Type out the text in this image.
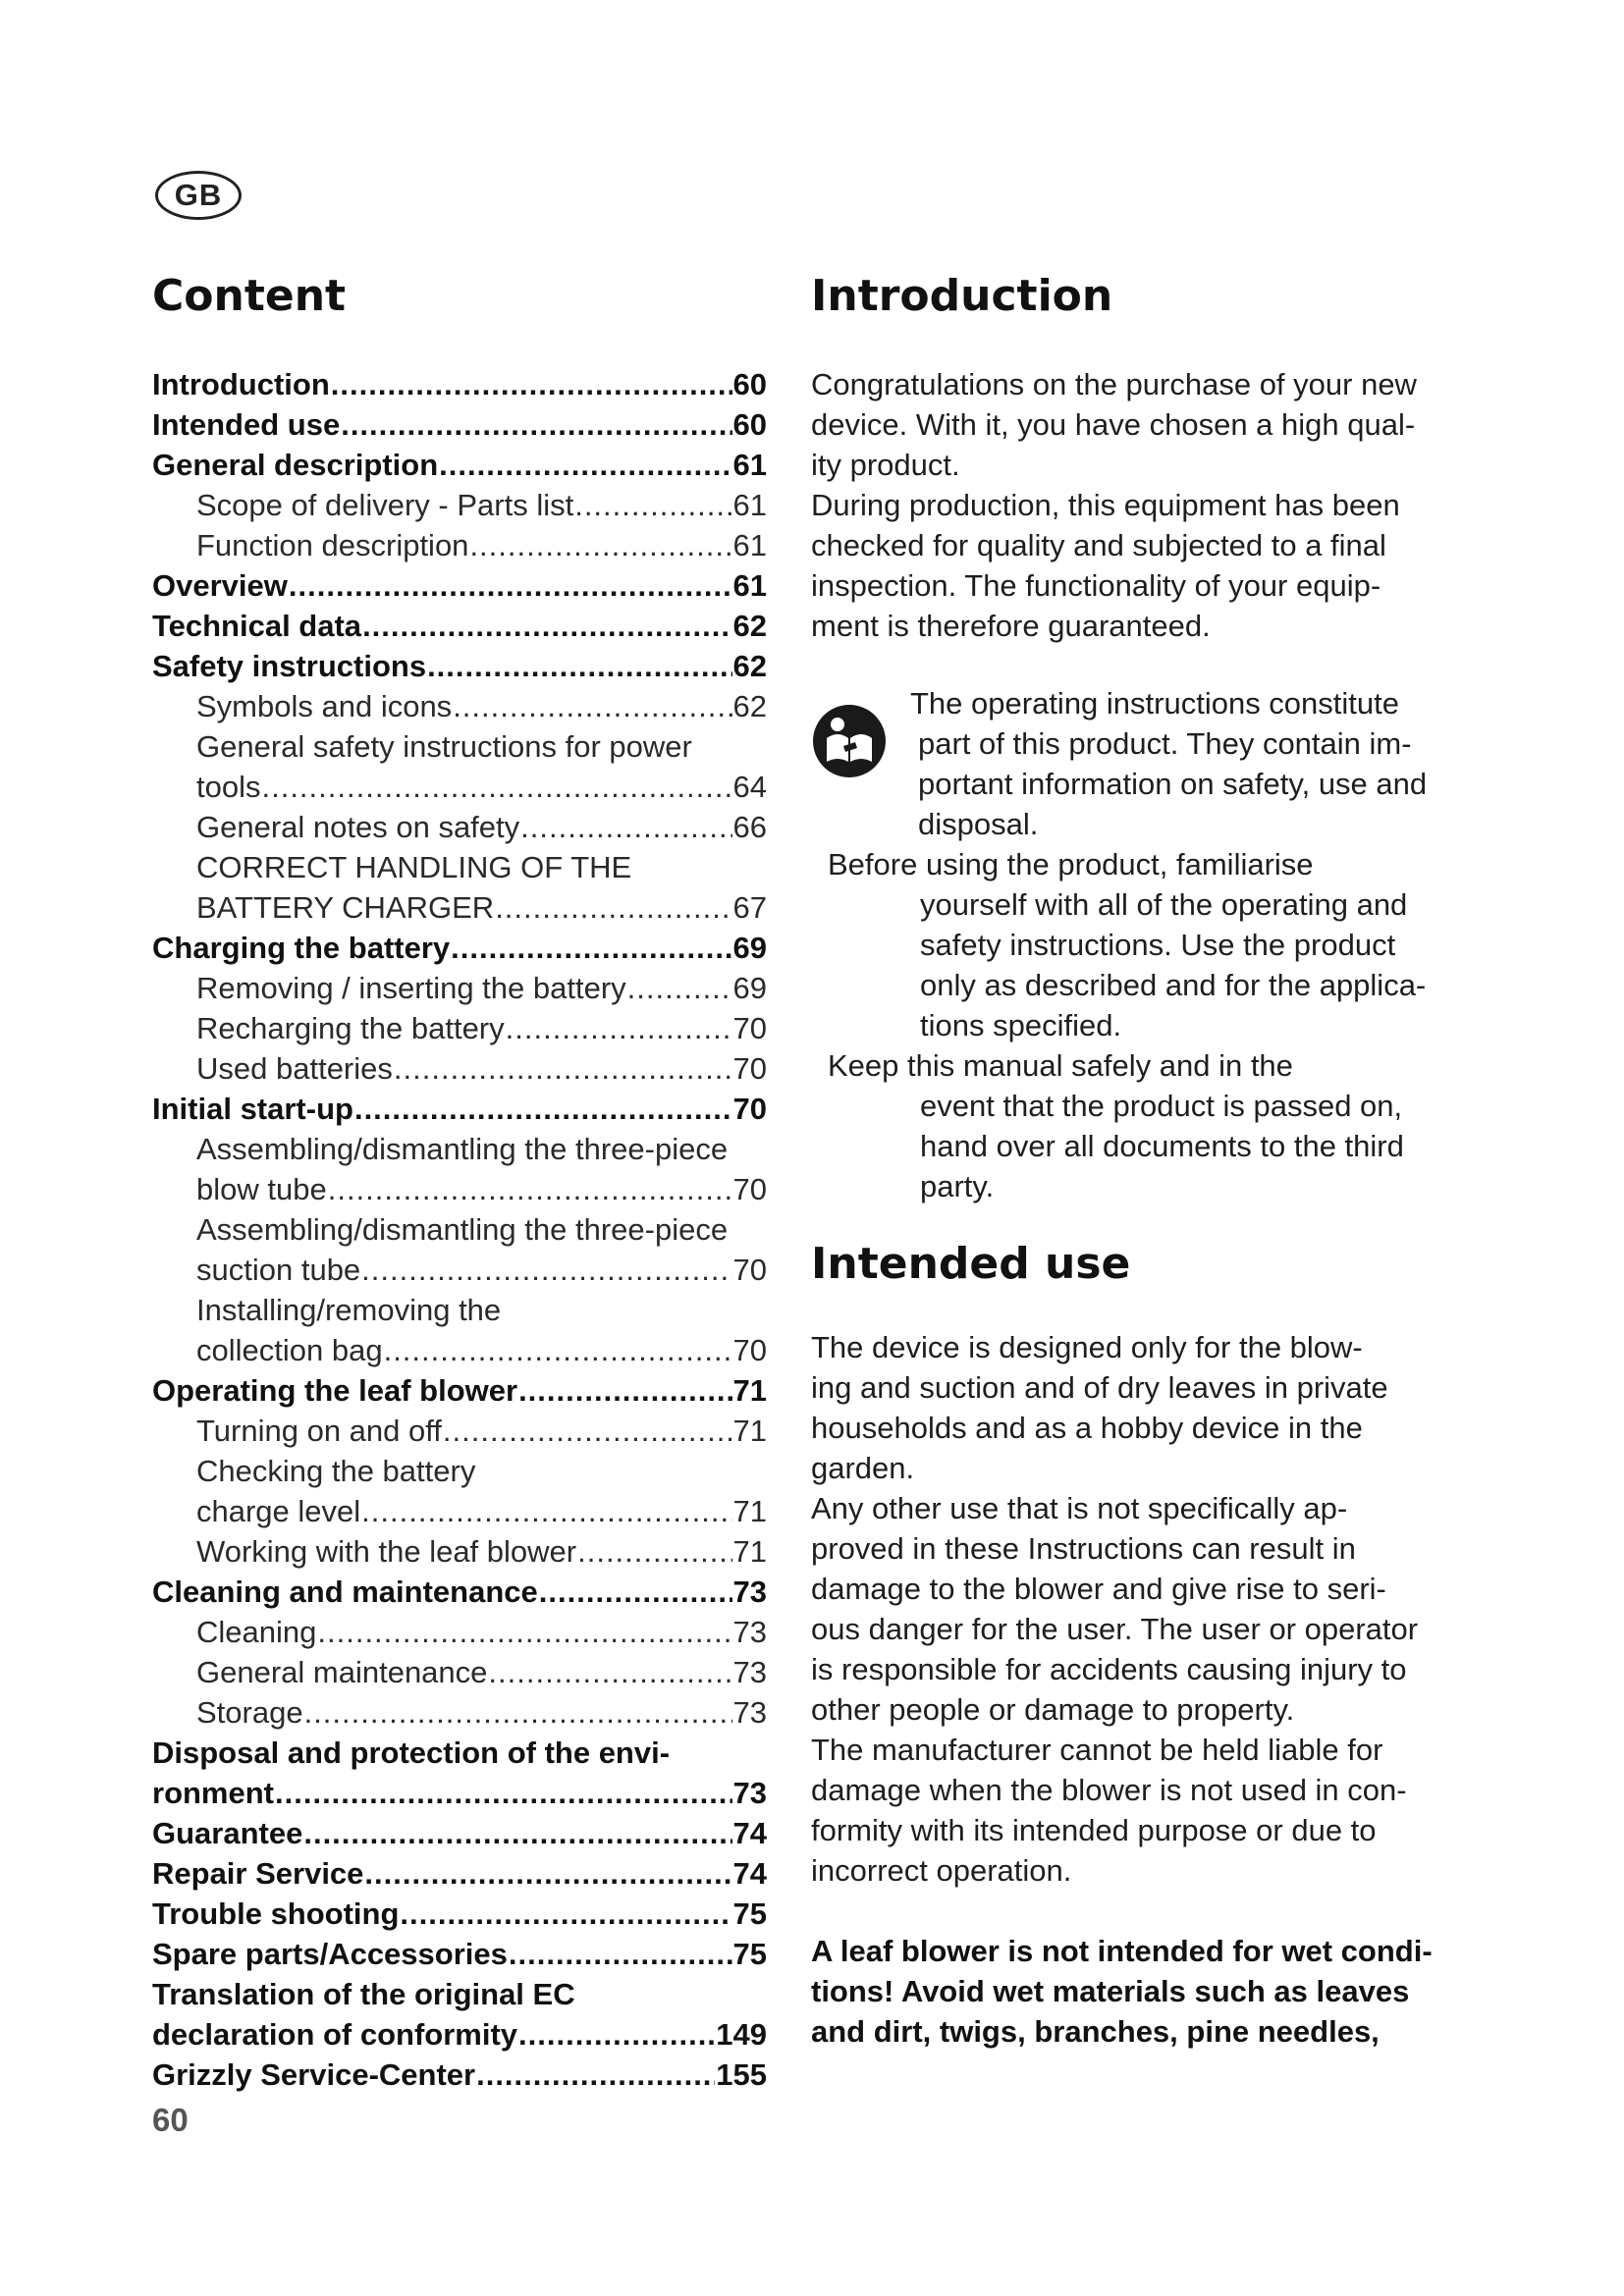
GB
Content
Introduction .....	60
Intended use .....	60
General description .....	61
Scope of delivery - Parts list .....	61
Function description .....	61
Overview .....	61
Technical data .....	62
Safety instructions .....	62
Symbols and icons .....	62
General safety instructions for power
tools .....	64
General notes on safety .....	66
CORRECT HANDLING OF THE
BATTERY CHARGER .....	67
Charging the battery .....	69
Removing / inserting the battery .....	69
Recharging the battery .....	70
Used batteries .....	70
Initial start-up .....	70
Assembling/dismantling the three-piece
blow tube .....	70
Assembling/dismantling the three-piece
suction tube .....	70
Installing/removing the
collection bag .....	70
Operating the leaf blower .....	71
Turning on and off .....	71
Checking the battery
charge level .....	71
Working with the leaf blower .....	71
Cleaning and maintenance .....	73
Cleaning .....	73
General maintenance .....	73
Storage .....	73
Disposal and protection of the envi-
ronment .....	73
Guarantee .....	74
Repair Service .....	74
Trouble shooting .....	75
Spare parts/Accessories .....	75
Translation of the original EC
declaration of conformity .....	149
Grizzly Service-Center .....	155
60
Introduction

Congratulations on the purchase of your new
device. With it, you have chosen a high qual-
ity product.
During production, this equipment has been
checked for quality and subjected to a final
inspection. The functionality of your equip-
ment is therefore guaranteed.

The operating instructions constitute
part of this product. They contain im-
portant information on safety, use and
disposal.
Before using the product, familiarise
yourself with all of the operating and
safety instructions. Use the product
only as described and for the applica-
tions specified.
Keep this manual safely and in the
event that the product is passed on,
hand over all documents to the third
party.
Intended use

The device is designed only for the blow-
ing and suction and of dry leaves in private
households and as a hobby device in the
garden.
Any other use that is not specifically ap-
proved in these Instructions can result in
damage to the blower and give rise to seri-
ous danger for the user. The user or operator
is responsible for accidents causing injury to
other people or damage to property.
The manufacturer cannot be held liable for
damage when the blower is not used in con-
formity with its intended purpose or due to
incorrect operation.

A leaf blower is not intended for wet condi-
tions! Avoid wet materials such as leaves
and dirt, twigs, branches, pine needles,
